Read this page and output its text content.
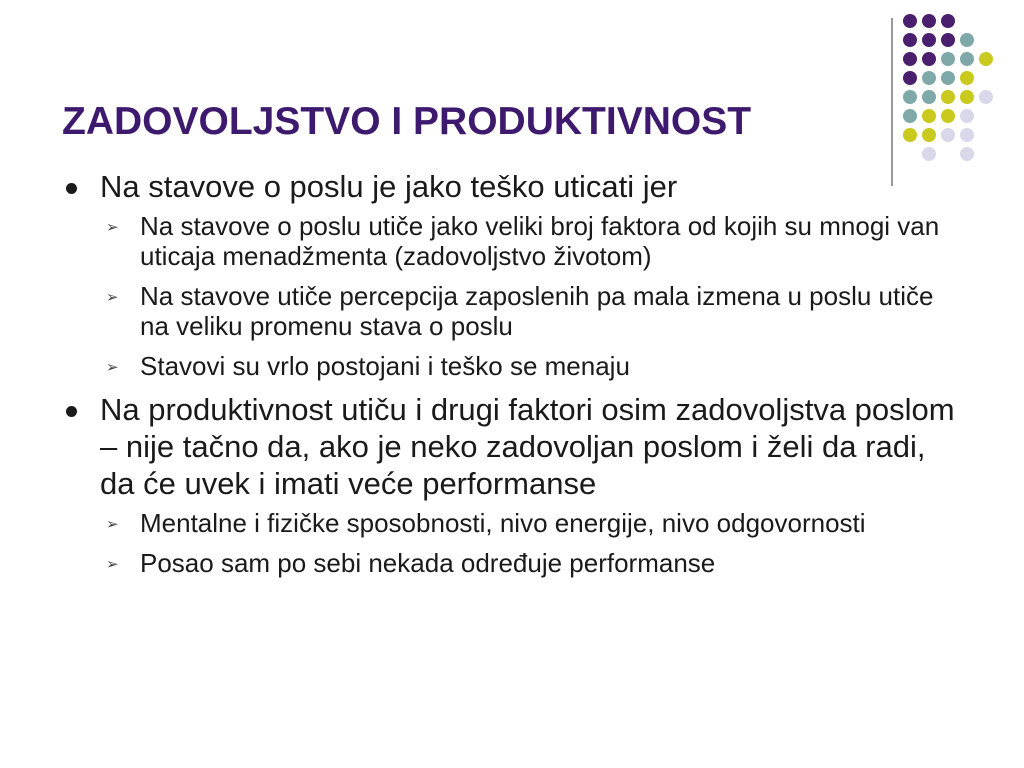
ZADOVOLJSTVO I PRODUKTIVNOST
Na stavove o poslu je jako teško uticati jer
➢ Na stavove o poslu utiče jako veliki broj faktora od kojih su mnogi van uticaja menadžmenta (zadovoljstvo životom)
➢ Na stavove utiče percepcija zaposlenih pa mala izmena u poslu utiče na veliku promenu stava o poslu
➢ Stavovi su vrlo postojani i teško se menaju
Na produktivnost utiču i drugi faktori osim zadovoljstva poslom – nije tačno da, ako je neko zadovoljan poslom i želi da radi, da će uvek i imati veće performanse
➢ Mentalne i fizičke sposobnosti, nivo energije, nivo odgovornosti
➢ Posao sam po sebi nekada određuje performanse
